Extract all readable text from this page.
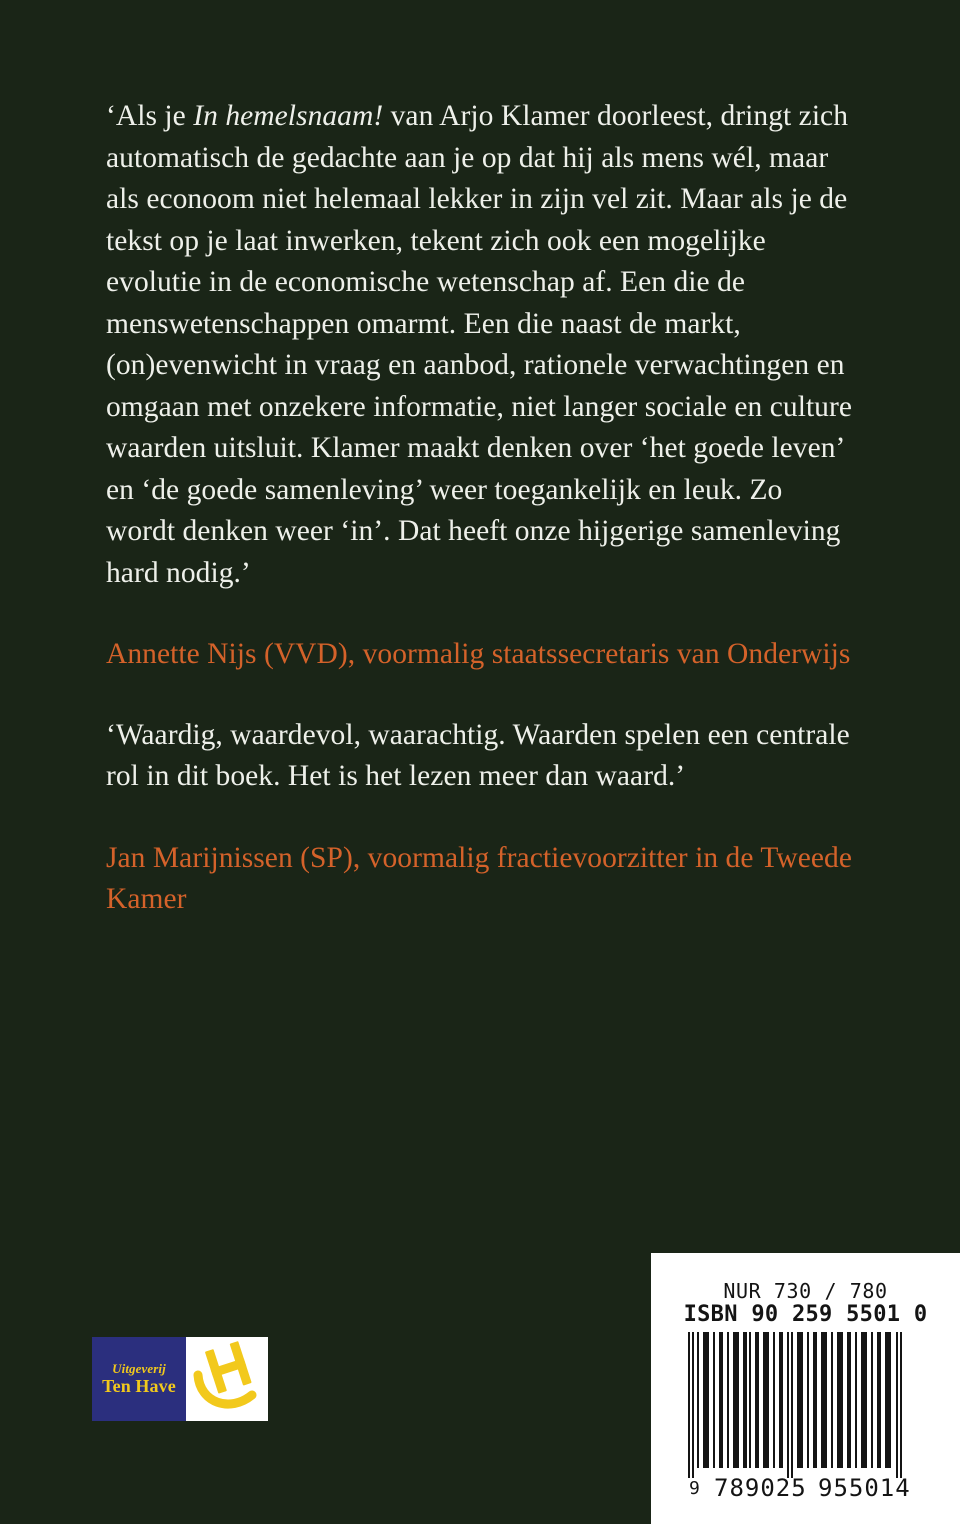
‘Als je In hemelsnaam! van Arjo Klamer doorleest, dringt zich automatisch de gedachte aan je op dat hij als mens wél, maar als econoom niet helemaal lekker in zijn vel zit. Maar als je de tekst op je laat inwerken, tekent zich ook een mogelijke evolutie in de economische wetenschap af. Een die de menswetenschappen omarmt. Een die naast de markt, (on)evenwicht in vraag en aanbod, rationele verwachtingen en omgaan met onzekere informatie, niet langer sociale en culture waarden uitsluit. Klamer maakt denken over ‘het goede leven’ en ‘de goede samenleving’ weer toegankelijk en leuk. Zo wordt denken weer ‘in’. Dat heeft onze hijgerige samenleving hard nodig.’

Annette Nijs (VVD), voormalig staatssecretaris van Onderwijs

‘Waardig, waardevol, waarachtig. Waarden spelen een centrale rol in dit boek. Het is het lezen meer dan waard.’

Jan Marijnissen (SP), voormalig fractievoorzitter in de Tweede Kamer

Uitgeverij
Ten Have
NUR 730 / 780
ISBN 90 259 5501 0
9 789025 955014
